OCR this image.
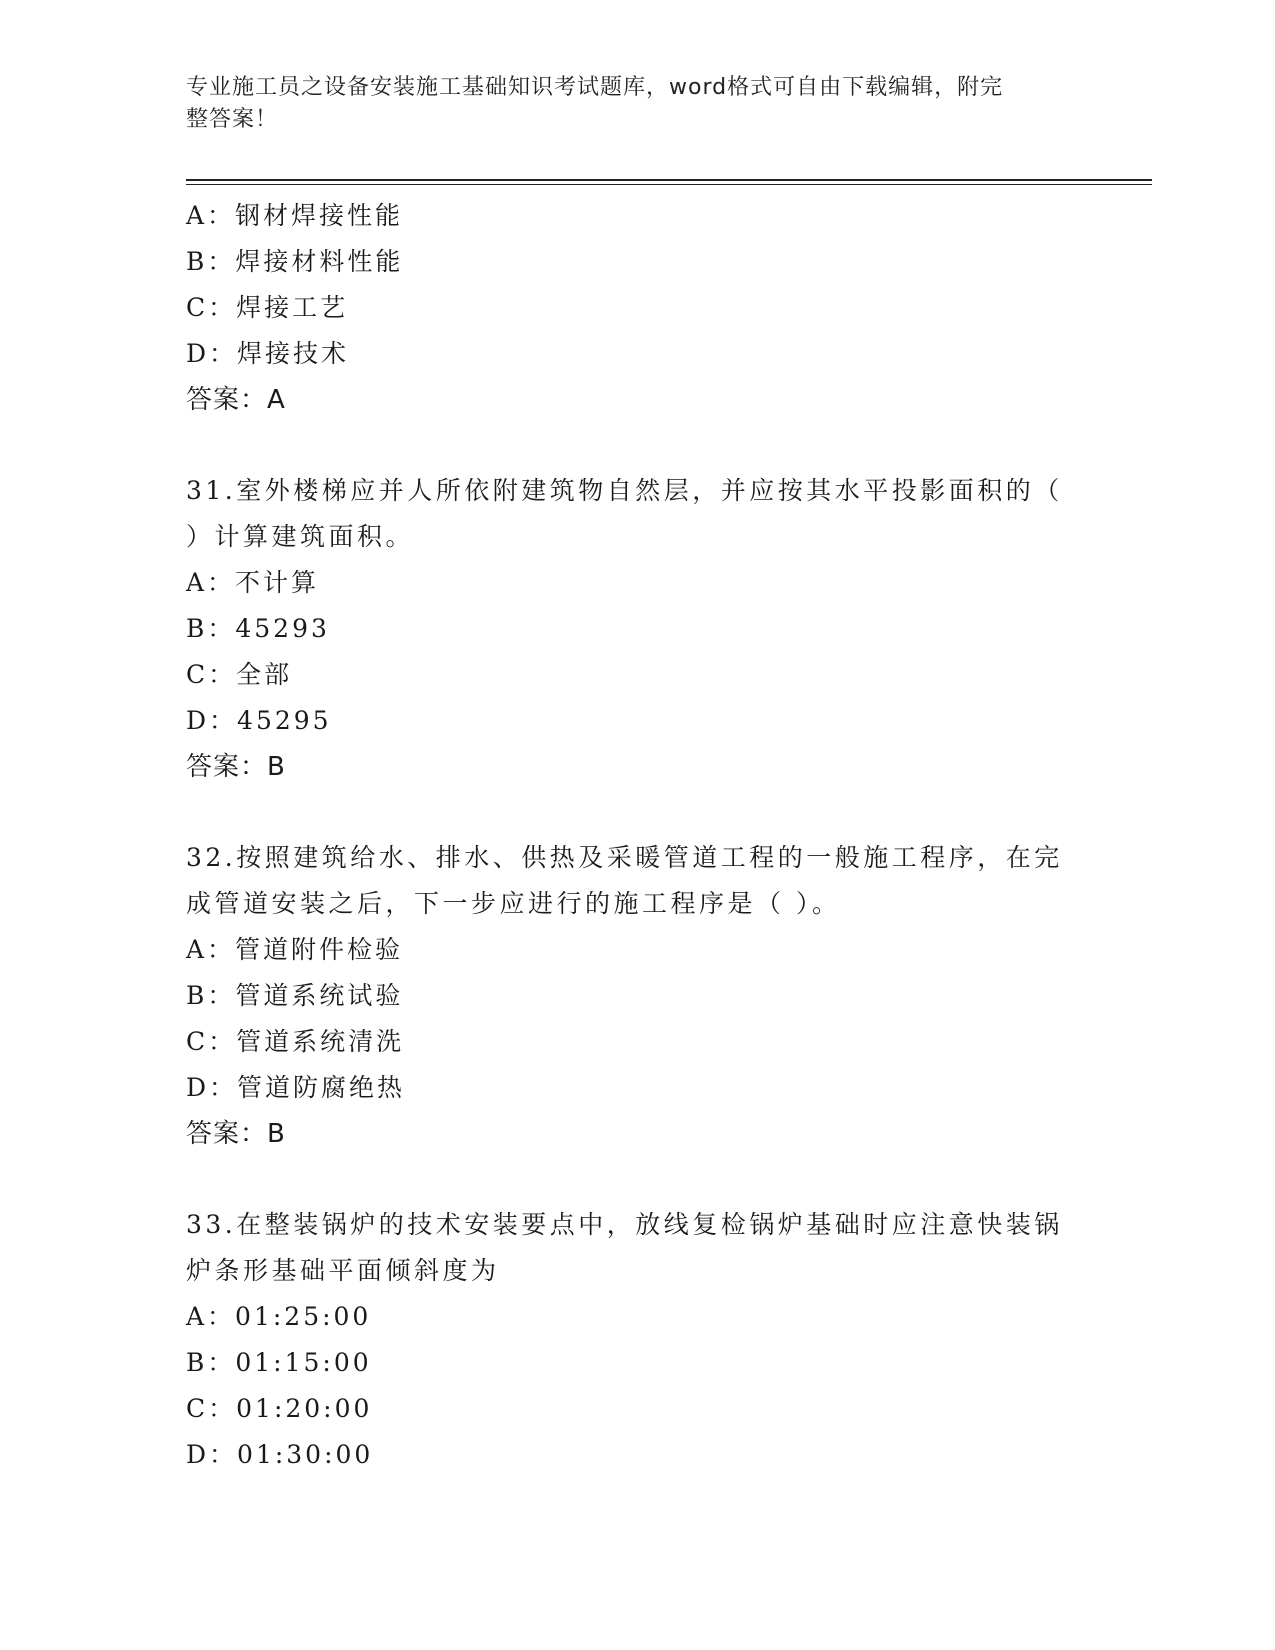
专业施工员之设备安装施工基础知识考试题库，word格式可自由下载编辑，附完
整答案！
A：钢材焊接性能
B：焊接材料性能
C：焊接工艺
D：焊接技术
答案：A
31.室外楼梯应并人所依附建筑物自然层，并应按其水平投影面积的（
）计算建筑面积。
A：不计算
B：45293
C：全部
D：45295
答案：B
32.按照建筑给水、排水、供热及采暖管道工程的一般施工程序，在完
成管道安装之后，下一步应进行的施工程序是（ ）。
A：管道附件检验
B：管道系统试验
C：管道系统清洗
D：管道防腐绝热
答案：B
33.在整装锅炉的技术安装要点中，放线复检锅炉基础时应注意快装锅
炉条形基础平面倾斜度为
A：01:25:00
B：01:15:00
C：01:20:00
D：01:30:00
